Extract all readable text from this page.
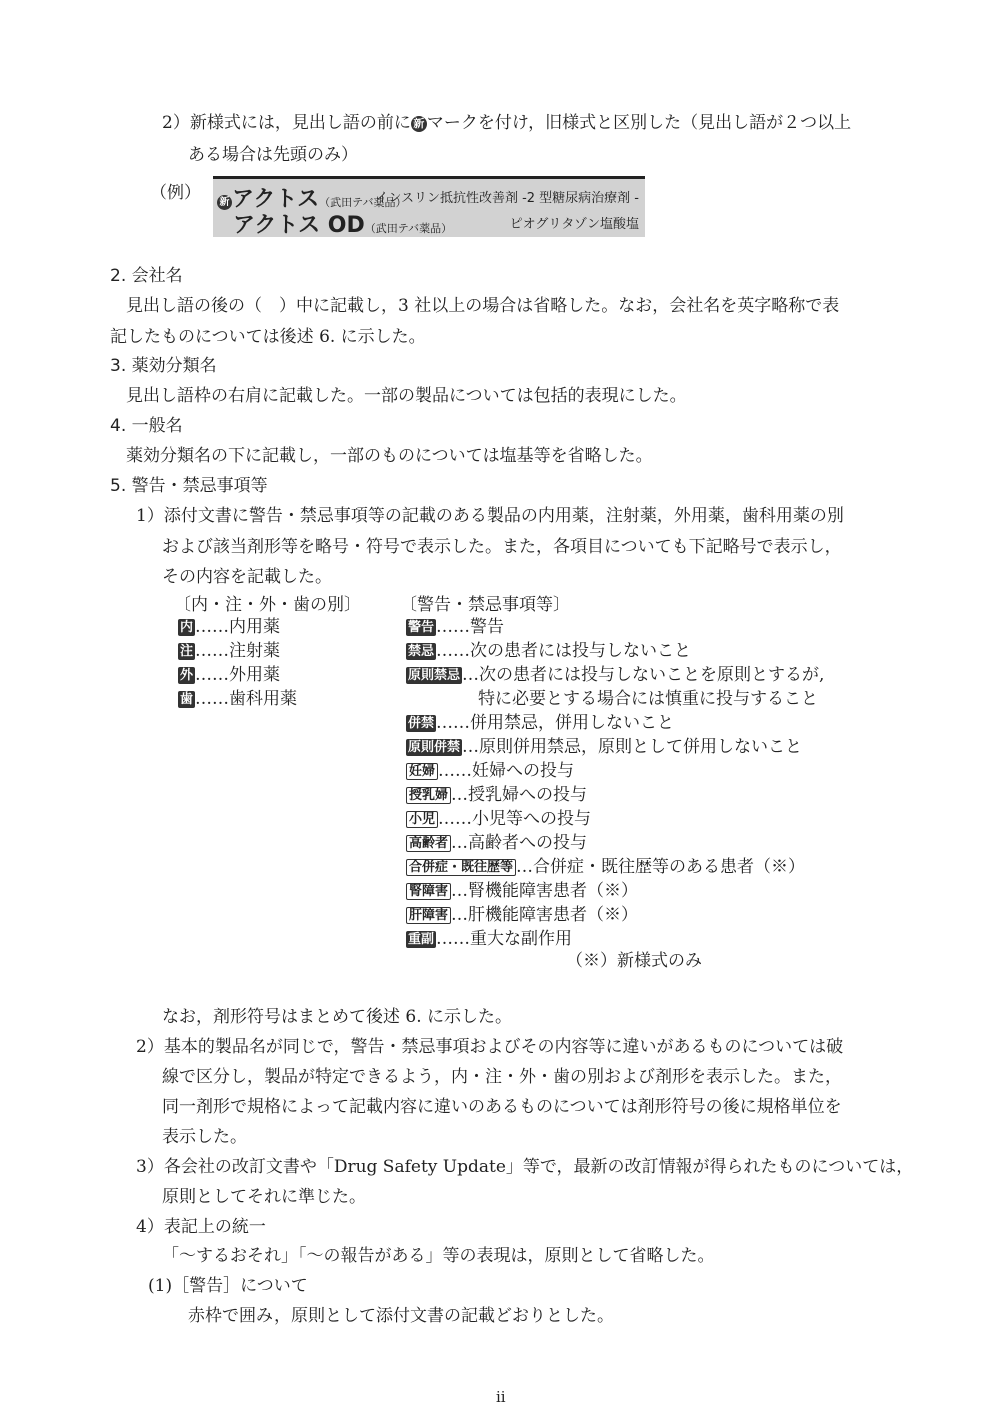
2）新様式には，見出し語の前に 新 マークを付け，旧様式と区別した（見出し語が２つ以上
ある場合は先頭のみ）
（例） 新 アクトス（武田テバ薬品）
インスリン抵抗性改善剤 -2 型糖尿病治療剤 -
アクトス OD（武田テバ薬品）	ピオグリタゾン塩酸塩
2. 会社名
見出し語の後の（　）中に記載し，3 社以上の場合は省略した。なお，会社名を英字略称で表
記したものについては後述 6. に示した。
3. 薬効分類名
見出し語枠の右肩に記載した。一部の製品については包括的表現にした。
4. 一般名
薬効分類名の下に記載し，一部のものについては塩基等を省略した。
5. 警告・禁忌事項等
1）添付文書に警告・禁忌事項等の記載のある製品の内用薬，注射薬，外用薬，歯科用薬の別
および該当剤形等を略号・符号で表示した。また，各項目についても下記略号で表示し，
その内容を記載した。
〔内・注・外・歯の別〕
内 ……内用薬
注 ……注射薬
外 ……外用薬
歯 ……歯科用薬
〔警告・禁忌事項等〕
警告 ……警告
禁忌 ……次の患者には投与しないこと
原則禁忌 …次の患者には投与しないことを原則とするが,
特に必要とする場合には慎重に投与すること
併禁 ……併用禁忌，併用しないこと
原則併禁 …原則併用禁忌，原則として併用しないこと
妊婦 ……妊婦への投与
授乳婦 …授乳婦への投与
小児 ……小児等への投与
高齢者 …高齢者への投与
合併症・既往歴等 …合併症・既往歴等のある患者（※）
腎障害 …腎機能障害患者（※）
肝障害 …肝機能障害患者（※）
重副 ……重大な副作用
（※）新様式のみ
なお，剤形符号はまとめて後述 6. に示した。
2）基本的製品名が同じで，警告・禁忌事項およびその内容等に違いがあるものについては破
線で区分し，製品が特定できるよう，内・注・外・歯の別および剤形を表示した。また，
同一剤形で規格によって記載内容に違いのあるものについては剤形符号の後に規格単位を
表示した。
3）各会社の改訂文書や「Drug Safety Update」等で，最新の改訂情報が得られたものについては，
原則としてそれに準じた。
4）表記上の統一
「～するおそれ」「～の報告がある」等の表現は，原則として省略した。
(1)［警告］について
赤枠で囲み，原則として添付文書の記載どおりとした。
ii
